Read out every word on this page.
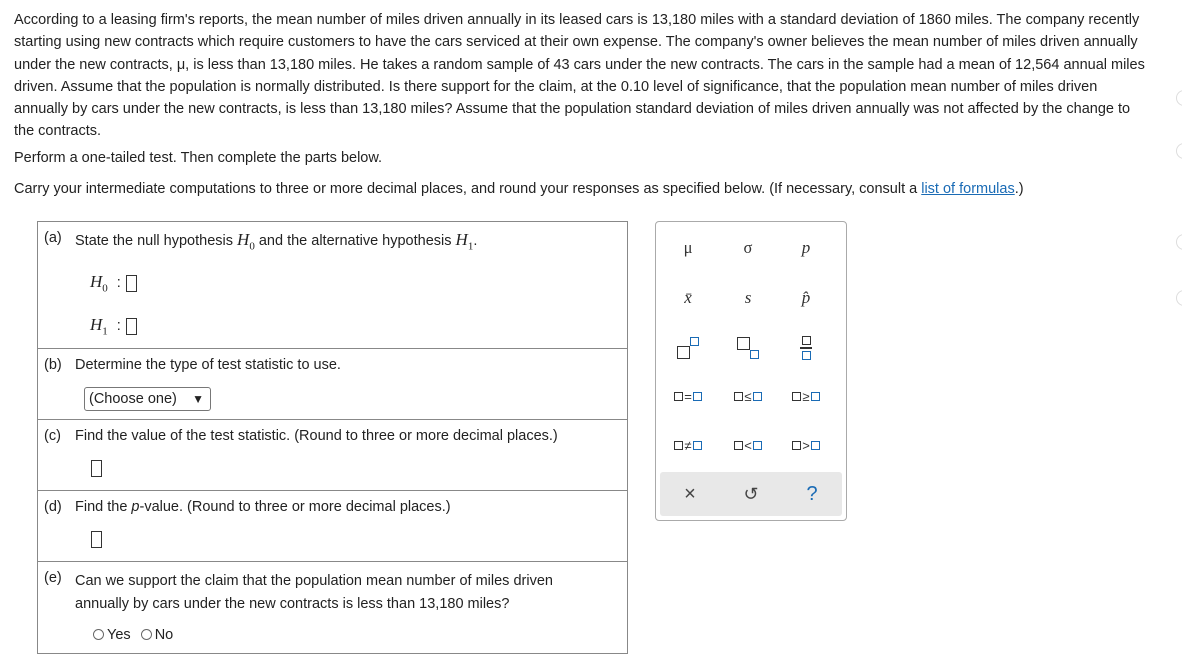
According to a leasing firm's reports, the mean number of miles driven annually in its leased cars is 13,180 miles with a standard deviation of 1860 miles. The company recently starting using new contracts which require customers to have the cars serviced at their own expense. The company's owner believes the mean number of miles driven annually under the new contracts, μ, is less than 13,180 miles. He takes a random sample of 43 cars under the new contracts. The cars in the sample had a mean of 12,564 annual miles driven. Assume that the population is normally distributed. Is there support for the claim, at the 0.10 level of significance, that the population mean number of miles driven annually by cars under the new contracts, is less than 13,180 miles? Assume that the population standard deviation of miles driven annually was not affected by the change to the contracts.

Perform a one-tailed test. Then complete the parts below.
Carry your intermediate computations to three or more decimal places, and round your responses as specified below. (If necessary, consult a list of formulas.)
(a) State the null hypothesis $H_0$ and the alternative hypothesis $H_1$.
$H_0$ :
$H_1$ :
(b) Determine the type of test statistic to use.
(Choose one) ▼
(c) Find the value of the test statistic. (Round to three or more decimal places.)
(d) Find the p-value. (Round to three or more decimal places.)
(e) Can we support the claim that the population mean number of miles driven
annually by cars under the new contracts is less than 13,180 miles?
Yes No
μ	σ	p
x̄	s	p̂
=	≤	≥
≠	<	>
×	↺	?
